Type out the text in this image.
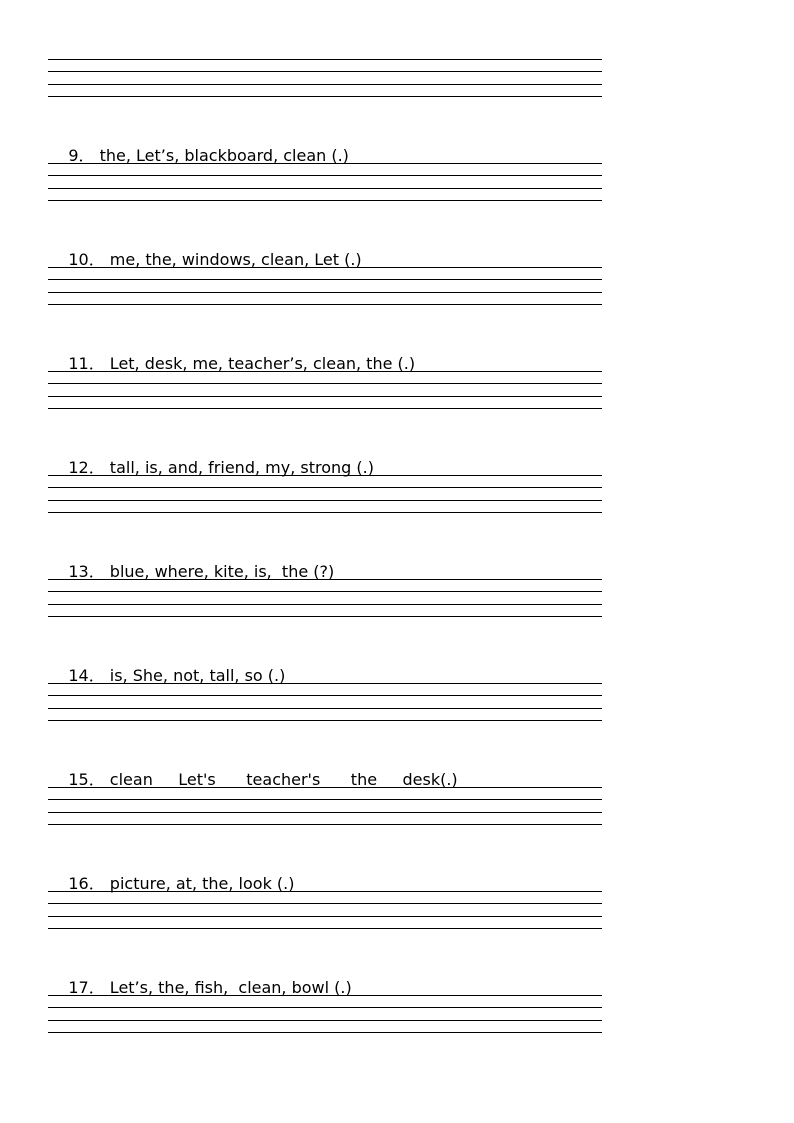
9． the, Let’s, blackboard, clean (.)

10． me, the, windows, clean, Let (.)

11． Let, desk, me, teacher’s, clean, the (.)

12． tall, is, and, friend, my, strong (.)

13． blue, where, kite, is,  the (?)

14． is, She, not, tall, so (.)

15． clean     Let's      teacher's      the     desk(.)

16． picture, at, the, look (.)

17． Let’s, the, fish,  clean, bowl (.)
